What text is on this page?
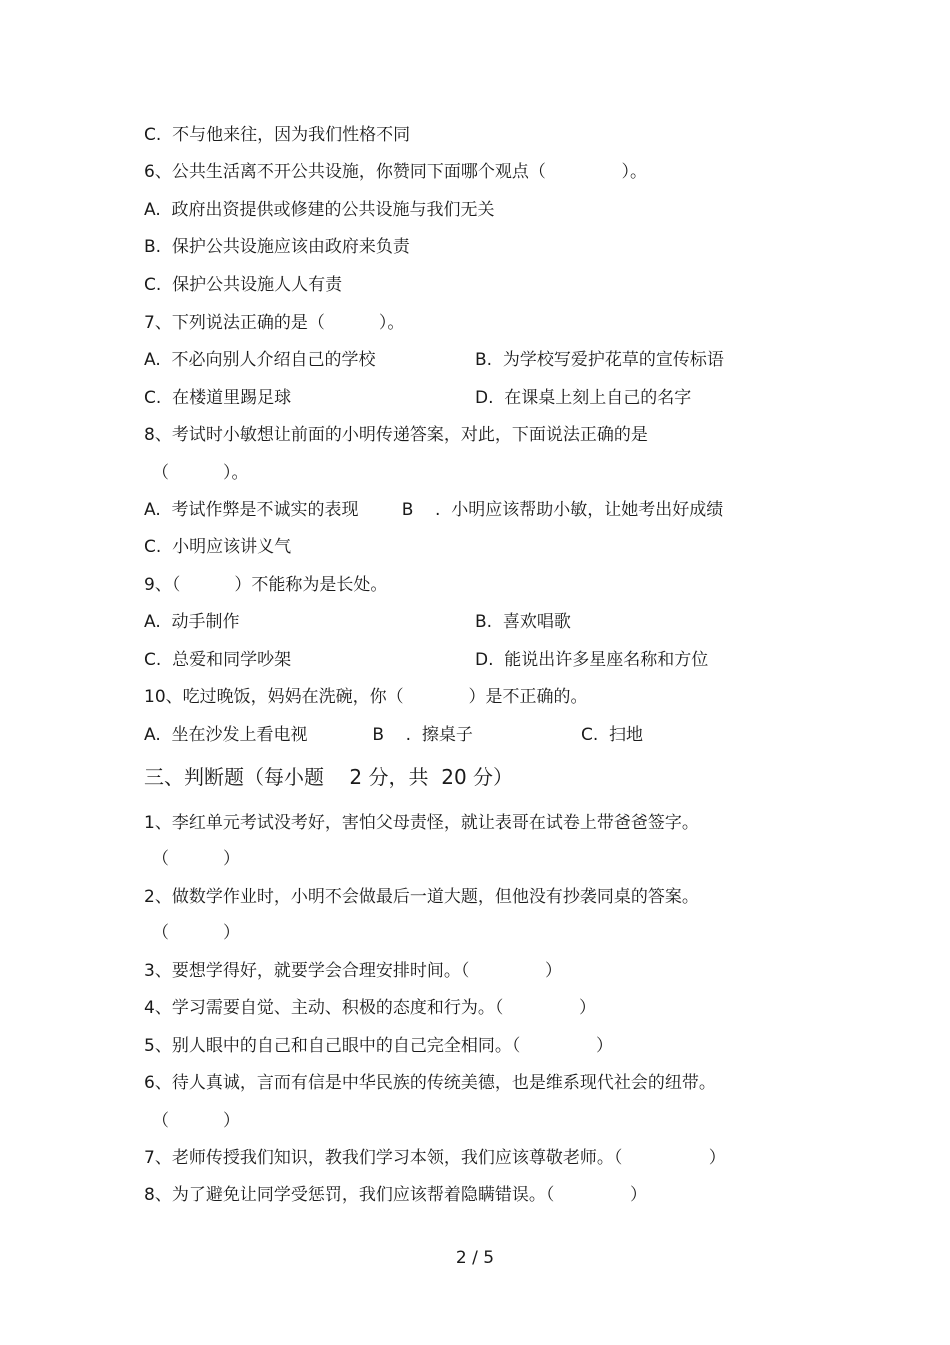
C.  不与他来往，因为我们性格不同
6、公共生活离不开公共设施，你赞同下面哪个观点（              ）。
A.  政府出资提供或修建的公共设施与我们无关
B.  保护公共设施应该由政府来负责
C.  保护公共设施人人有责
7、下列说法正确的是（          ）。
A.  不必向别人介绍自己的学校	B.  为学校写爱护花草的宣传标语
C.  在楼道里踢足球	D.  在课桌上刻上自己的名字
8、考试时小敏想让前面的小明传递答案，对此，下面说法正确的是
（          ）。
A.  考试作弊是不诚实的表现        B    .  小明应该帮助小敏，让她考出好成绩
C.  小明应该讲义气
9、（          ）不能称为是长处。
A.  动手制作	B.  喜欢唱歌
C.  总爱和同学吵架	D.  能说出许多星座名称和方位
10、吃过晚饭，妈妈在洗碗，你（            ）是不正确的。
A.  坐在沙发上看电视            B    .  擦桌子                    C.  扫地
三、判断题（每小题    2 分，共  20 分）
1、李红单元考试没考好，害怕父母责怪，就让表哥在试卷上带爸爸签字。
（          ）
2、做数学作业时，小明不会做最后一道大题，但他没有抄袭同桌的答案。
（          ）
3、要想学得好，就要学会合理安排时间。（              ）
4、学习需要自觉、主动、积极的态度和行为。（              ）
5、别人眼中的自己和自己眼中的自己完全相同。（              ）
6、待人真诚，言而有信是中华民族的传统美德，也是维系现代社会的纽带。
（          ）
7、老师传授我们知识，教我们学习本领，我们应该尊敬老师。（                ）
8、为了避免让同学受惩罚，我们应该帮着隐瞒错误。（              ）
2 / 5
